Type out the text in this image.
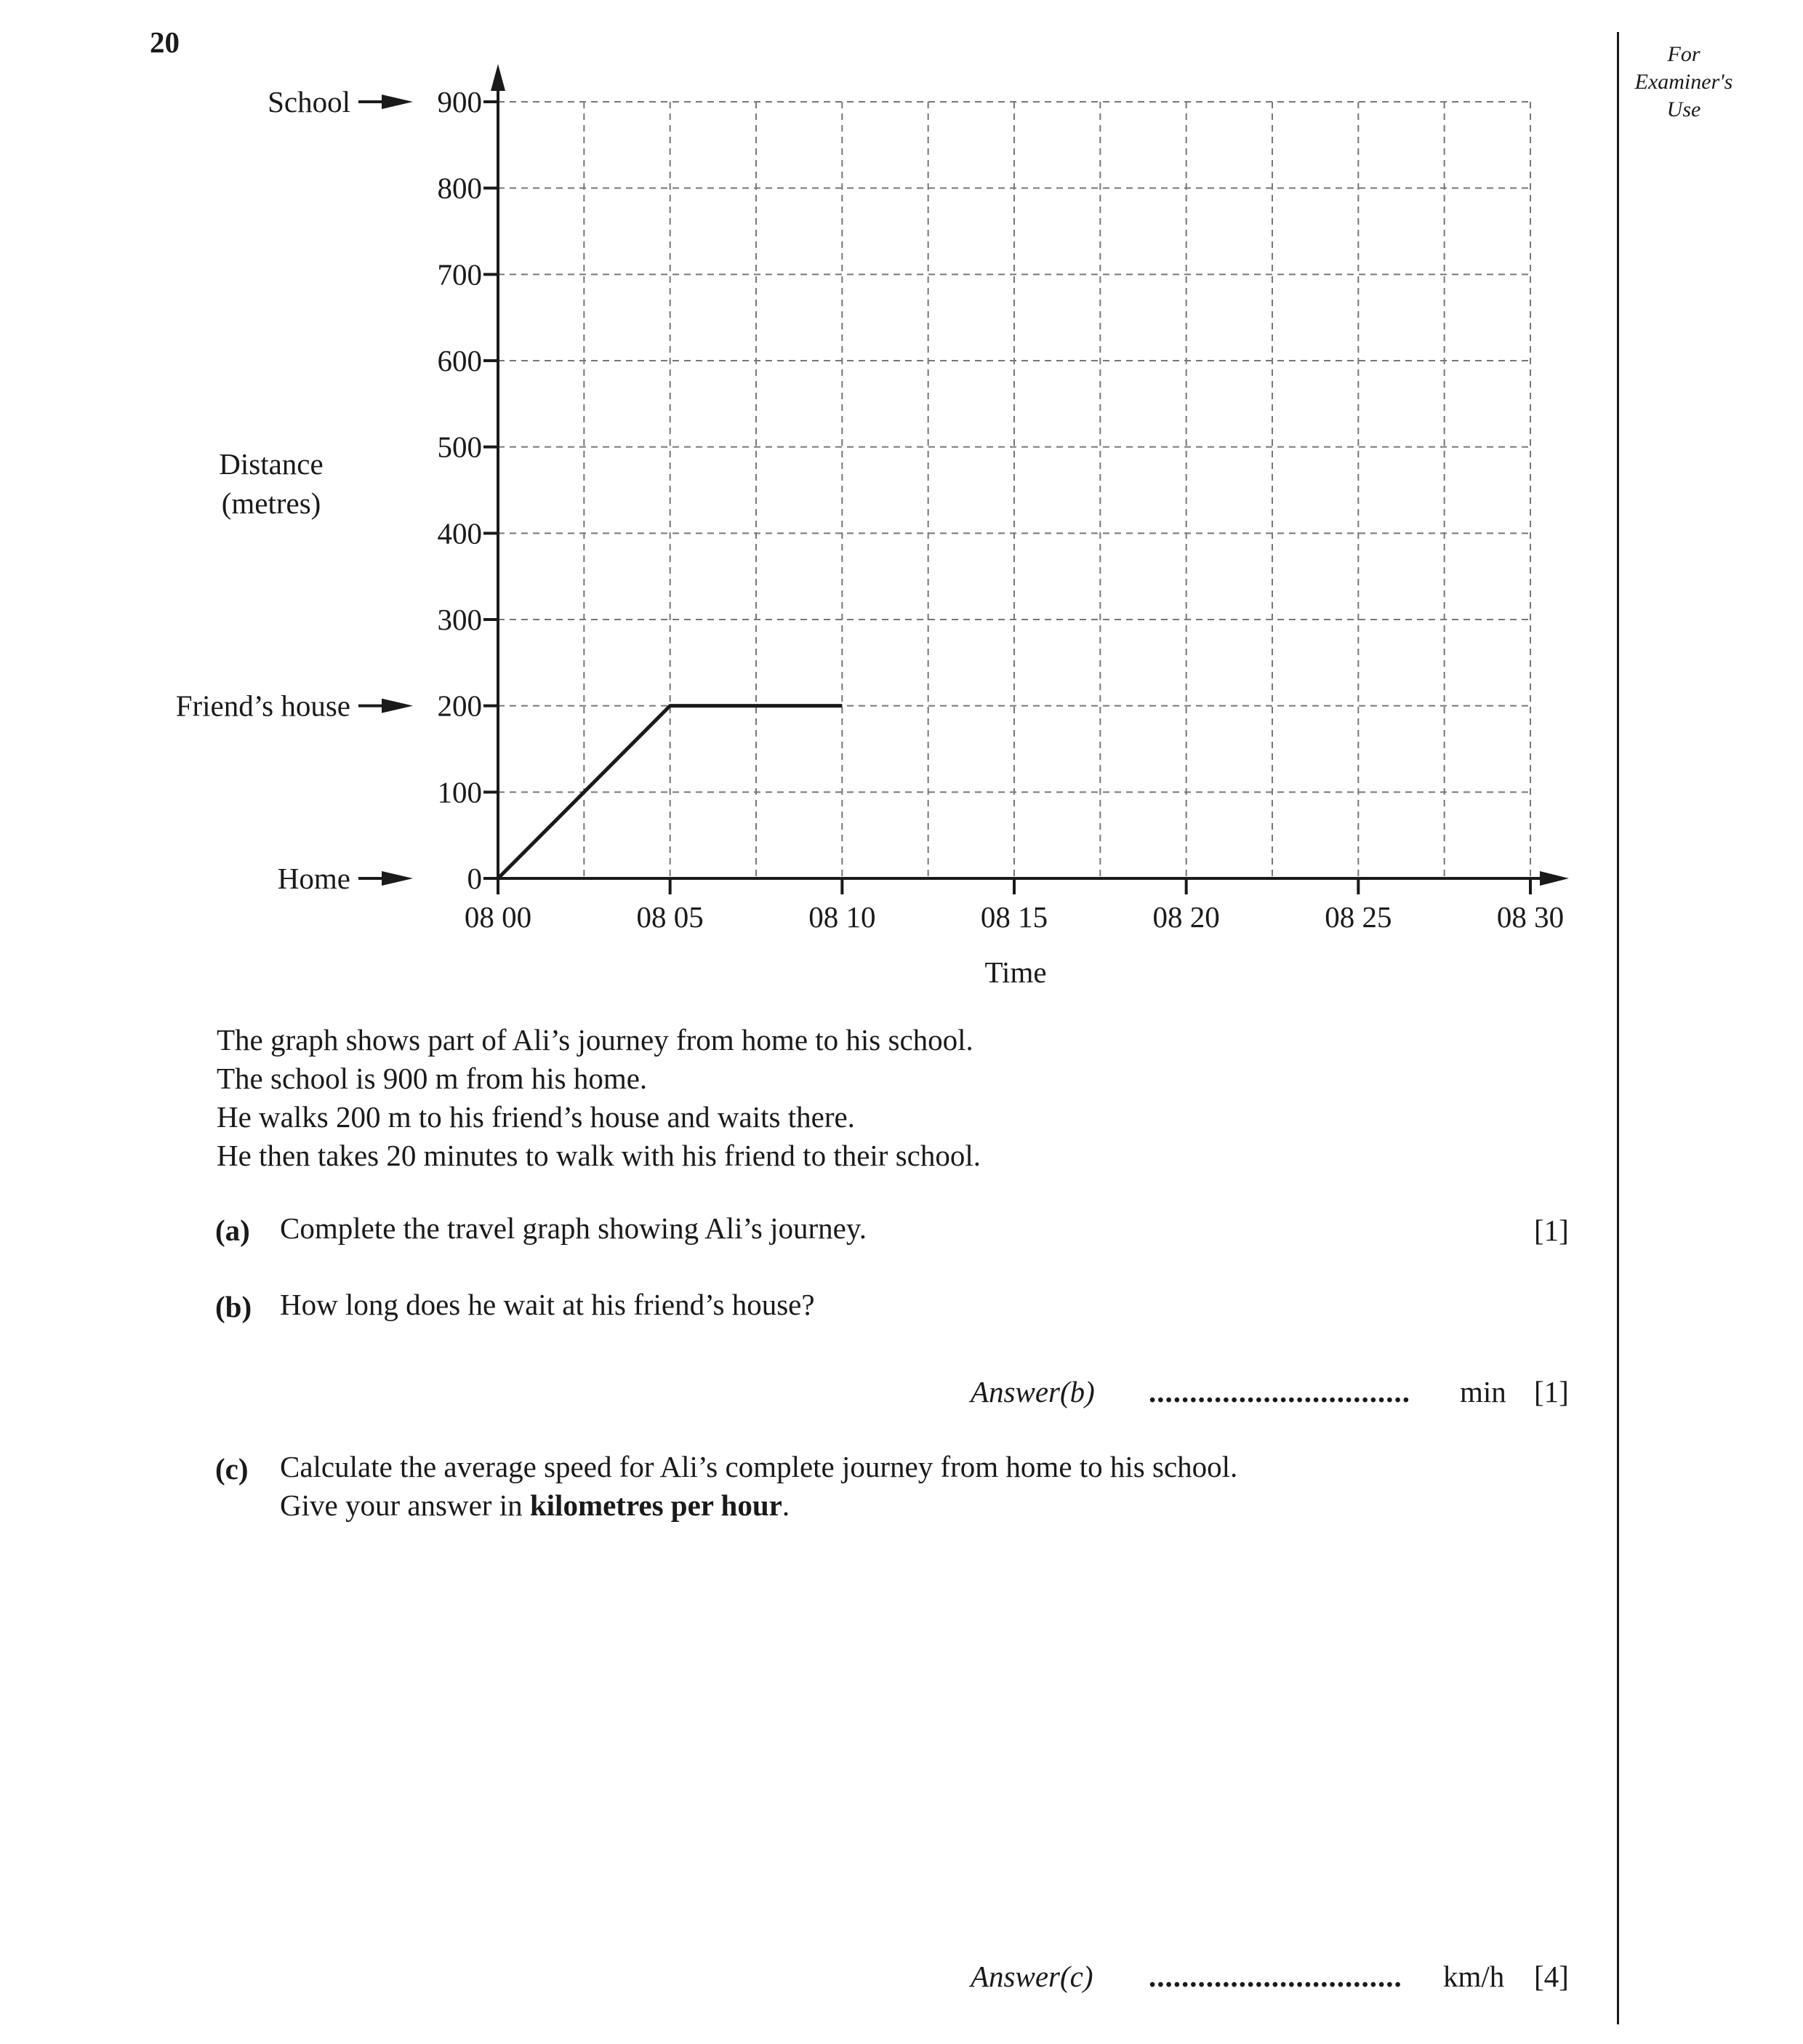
20	For
Examiner's
Use
0
100
200
300
400
500
600
700
800
900
08 00	08 05	08 10	08 15	08 20	08 25	08 30
School
Friend’s house
Home
Time
Distance
(metres)
The graph shows part of Ali’s journey from home to his school.
The school is 900 m from his home.
He walks 200 m to his friend’s house and waits there.
He then takes 20 minutes to walk with his friend to their school.
(a) Complete the travel graph showing Ali’s journey.	[1]
(b) How long does he wait at his friend’s house?
Answer(b) ................................ min [1]
(c) Calculate the average speed for Ali’s complete journey from home to his school.
Give your answer in kilometres per hour.
Answer(c) ............................... km/h [4]
